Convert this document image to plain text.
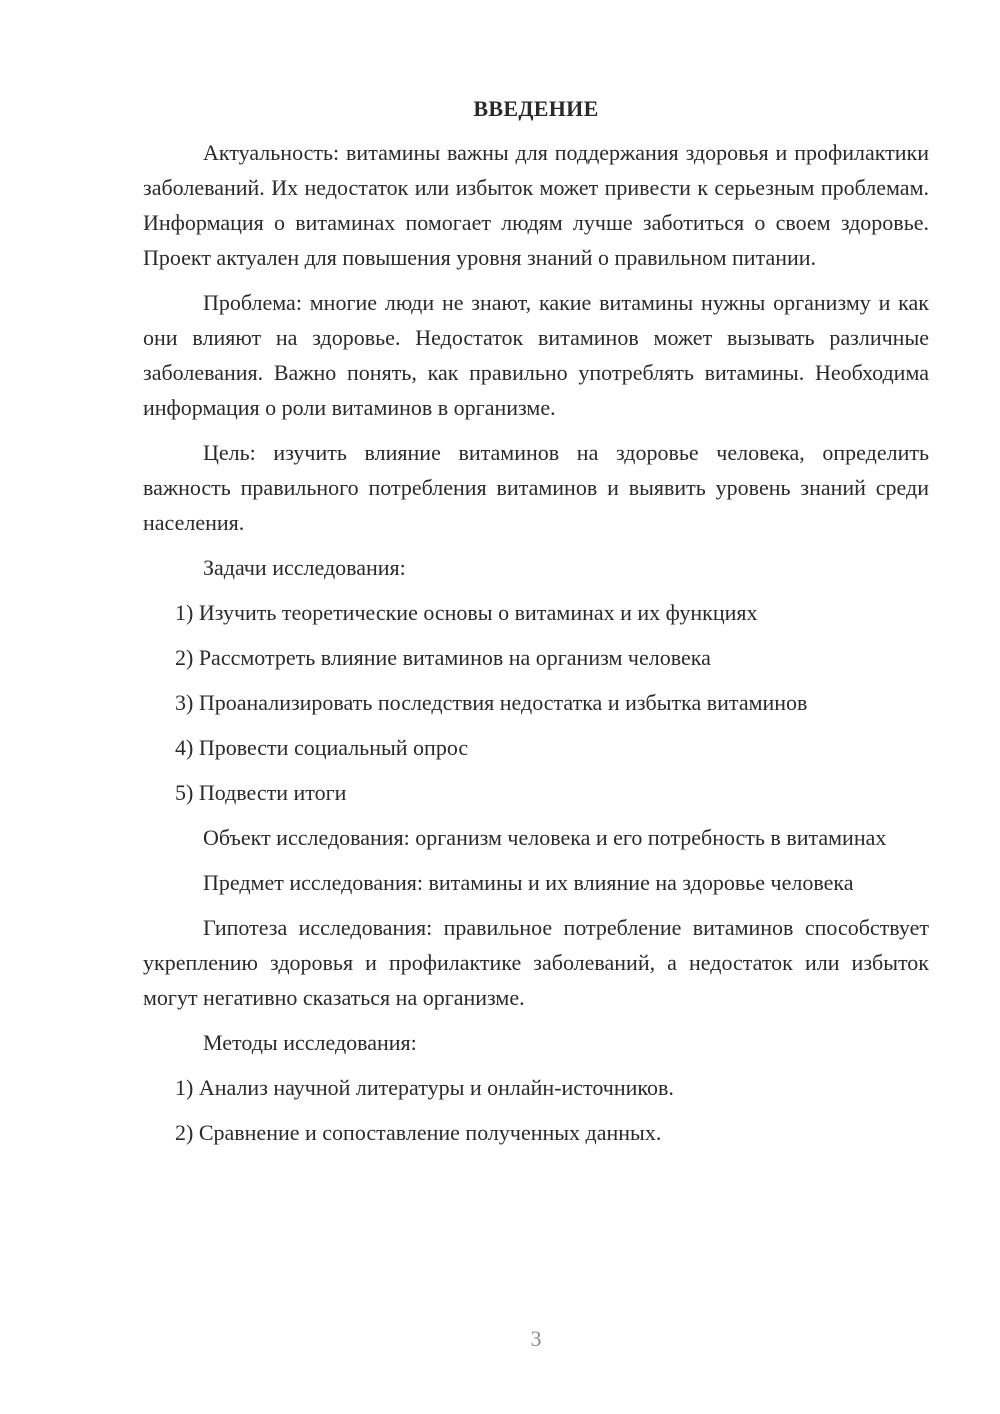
ВВЕДЕНИЕ

Актуальность: витамины важны для поддержания здоровья и профилактики заболеваний. Их недостаток или избыток может привести к серьезным проблемам. Информация о витаминах помогает людям лучше заботиться о своем здоровье. Проект актуален для повышения уровня знаний о правильном питании.

Проблема: многие люди не знают, какие витамины нужны организму и как они влияют на здоровье. Недостаток витаминов может вызывать различные заболевания. Важно понять, как правильно употреблять витамины. Необходима информация о роли витаминов в организме.

Цель: изучить влияние витаминов на здоровье человека, определить важность правильного потребления витаминов и выявить уровень знаний среди населения.

Задачи исследования:
1) Изучить теоретические основы о витаминах и их функциях
2) Рассмотреть влияние витаминов на организм человека
3) Проанализировать последствия недостатка и избытка витаминов
4) Провести социальный опрос
5) Подвести итоги

Объект исследования: организм человека и его потребность в витаминах

Предмет исследования: витамины и их влияние на здоровье человека

Гипотеза исследования: правильное потребление витаминов способствует укреплению здоровья и профилактике заболеваний, а недостаток или избыток могут негативно сказаться на организме.

Методы исследования:
1) Анализ научной литературы и онлайн-источников.
2) Сравнение и сопоставление полученных данных.
3
